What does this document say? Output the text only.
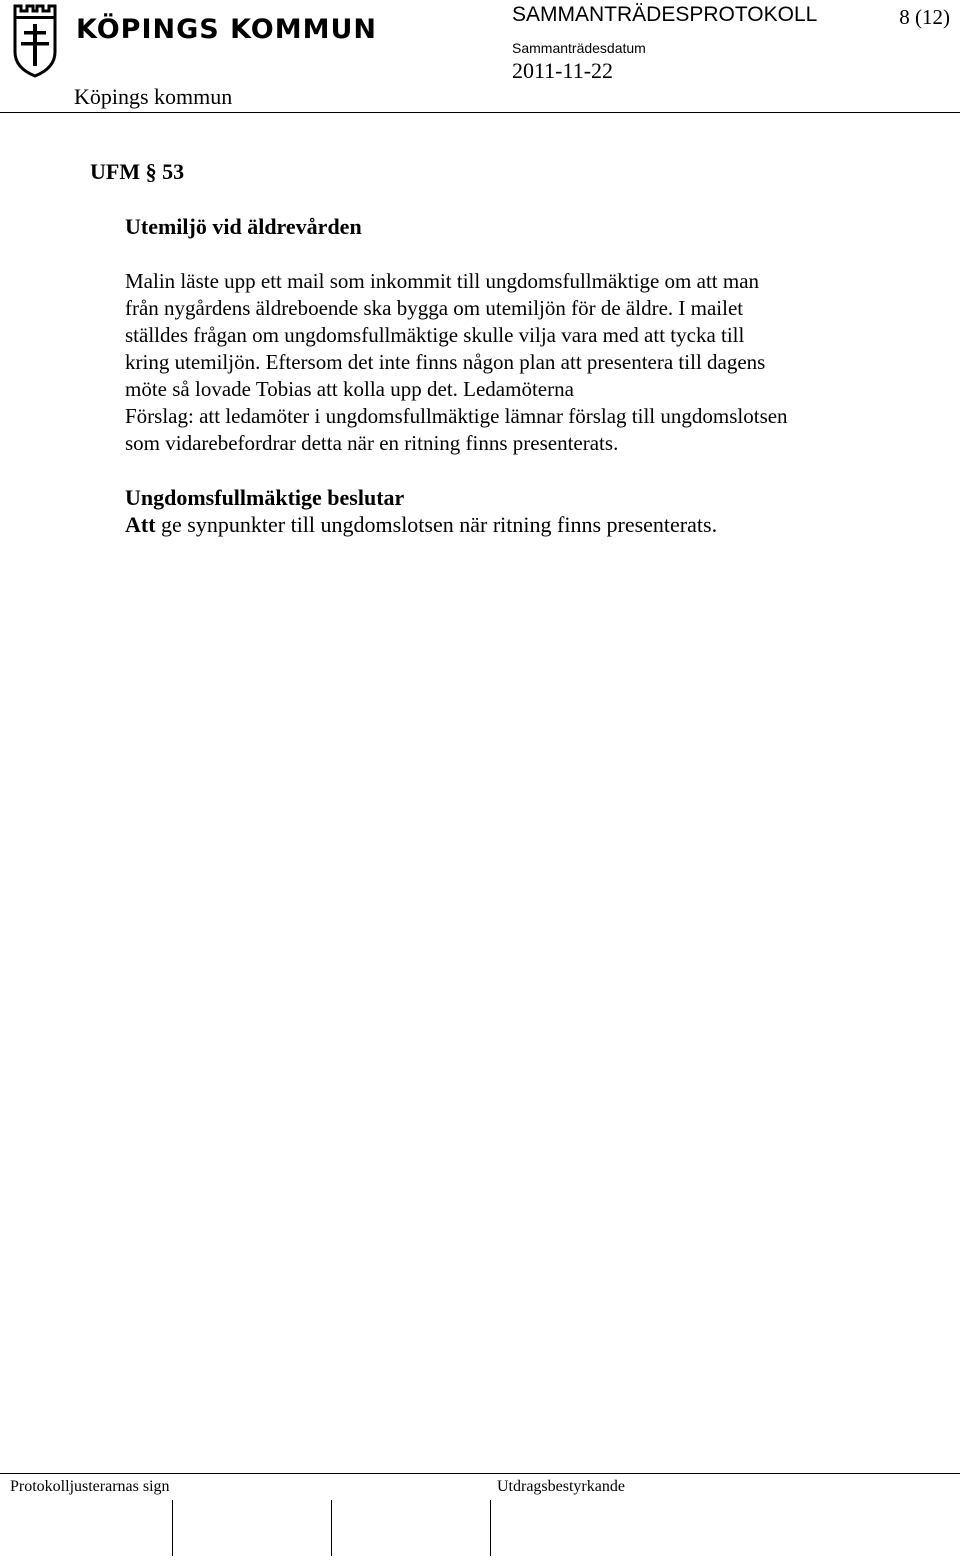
KÖPINGS KOMMUN
Köpings kommun
SAMMANTRÄDESPROTOKOLL	8 (12)
Sammanträdesdatum
2011-11-22
UFM § 53
Utemiljö vid äldrevården

Malin läste upp ett mail som inkommit till ungdomsfullmäktige om att man

från nygårdens äldreboende ska bygga om utemiljön för de äldre. I mailet

ställdes frågan om ungdomsfullmäktige skulle vilja vara med att tycka till

kring utemiljön. Eftersom det inte finns någon plan att presentera till dagens

möte så lovade Tobias att kolla upp det. Ledamöterna

Förslag: att ledamöter i ungdomsfullmäktige lämnar förslag till ungdomslotsen

som vidarebefordrar detta när en ritning finns presenterats.

Ungdomsfullmäktige beslutar
Att ge synpunkter till ungdomslotsen när ritning finns presenterats.
Protokolljusterarnas sign	Utdragsbestyrkande
